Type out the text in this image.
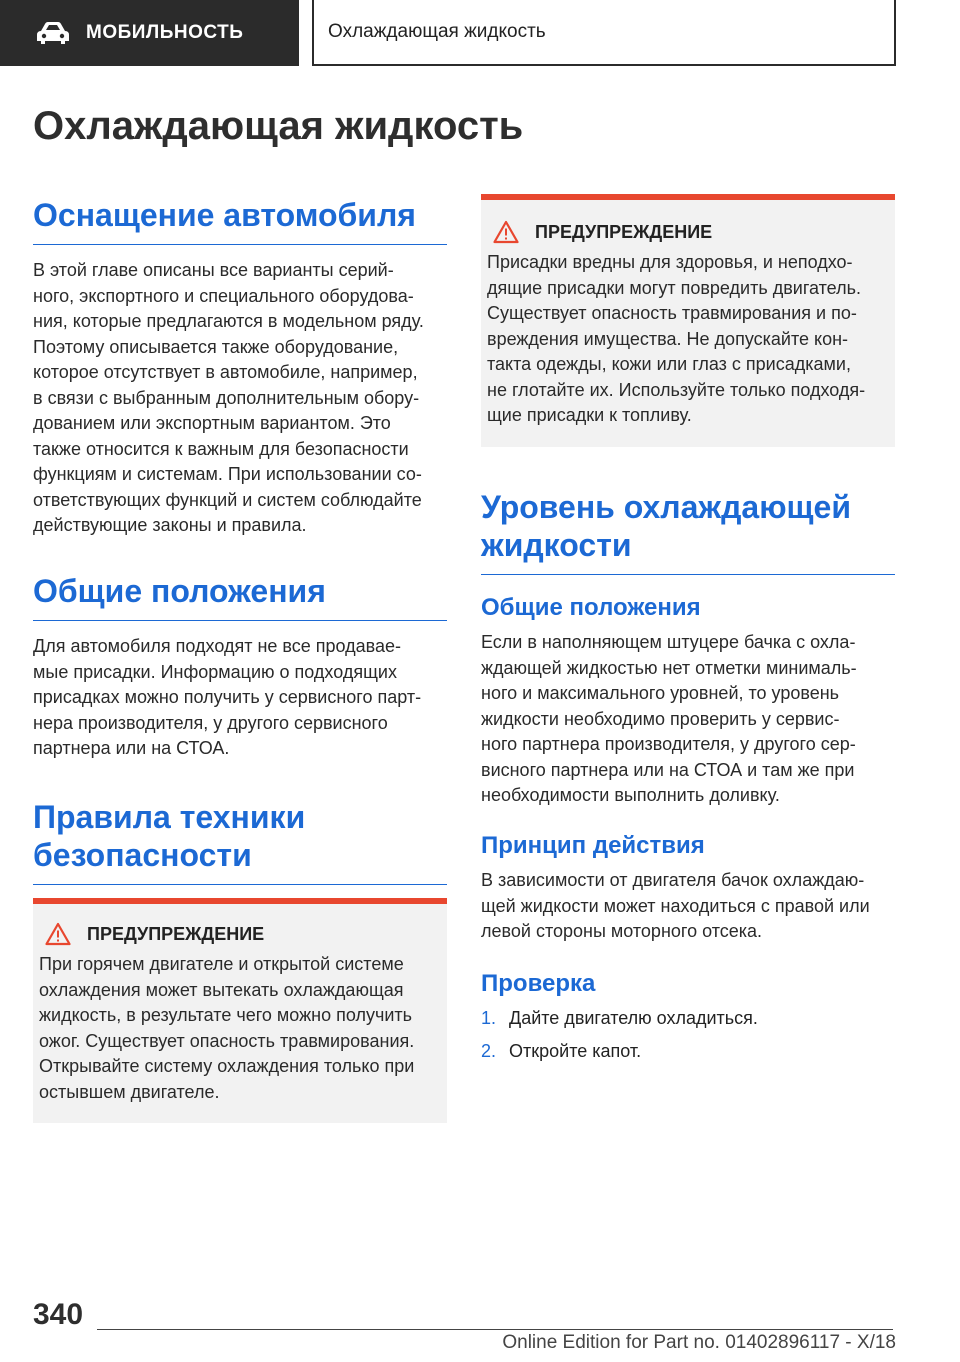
МОБИЛЬНОСТЬ	Охлаждающая жидкость
Охлаждающая жидкость
Оснащение автомобиля
В этой главе описаны все варианты серий-
ного, экспортного и специального оборудова-
ния, которые предлагаются в модельном ряду.
Поэтому описывается также оборудование,
которое отсутствует в автомобиле, например,
в связи с выбранным дополнительным обору-
дованием или экспортным вариантом. Это
также относится к важным для безопасности
функциям и системам. При использовании со-
ответствующих функций и систем соблюдайте
действующие законы и правила.
Общие положения
Для автомобиля подходят не все продавае-
мые присадки. Информацию о подходящих
присадках можно получить у сервисного парт-
нера производителя, у другого сервисного
партнера или на СТОА.
Правила техники
безопасности
ПРЕДУПРЕЖДЕНИЕ
При горячем двигателе и открытой системе
охлаждения может вытекать охлаждающая
жидкость, в результате чего можно получить
ожог. Существует опасность травмирования.
Открывайте систему охлаждения только при
остывшем двигателе.
ПРЕДУПРЕЖДЕНИЕ
Присадки вредны для здоровья, и неподхо-
дящие присадки могут повредить двигатель.
Существует опасность травмирования и по-
вреждения имущества. Не допускайте кон-
такта одежды, кожи или глаз с присадками,
не глотайте их. Используйте только подходя-
щие присадки к топливу.
Уровень охлаждающей
жидкости
Общие положения
Если в наполняющем штуцере бачка с охла-
ждающей жидкостью нет отметки минималь-
ного и максимального уровней, то уровень
жидкости необходимо проверить у сервис-
ного партнера производителя, у другого сер-
висного партнера или на СТОА и там же при
необходимости выполнить доливку.
Принцип действия
В зависимости от двигателя бачок охлаждаю-
щей жидкости может находиться с правой или
левой стороны моторного отсека.
Проверка
1. Дайте двигателю охладиться.
2. Откройте капот.
340
Online Edition for Part no. 01402896117 - X/18
